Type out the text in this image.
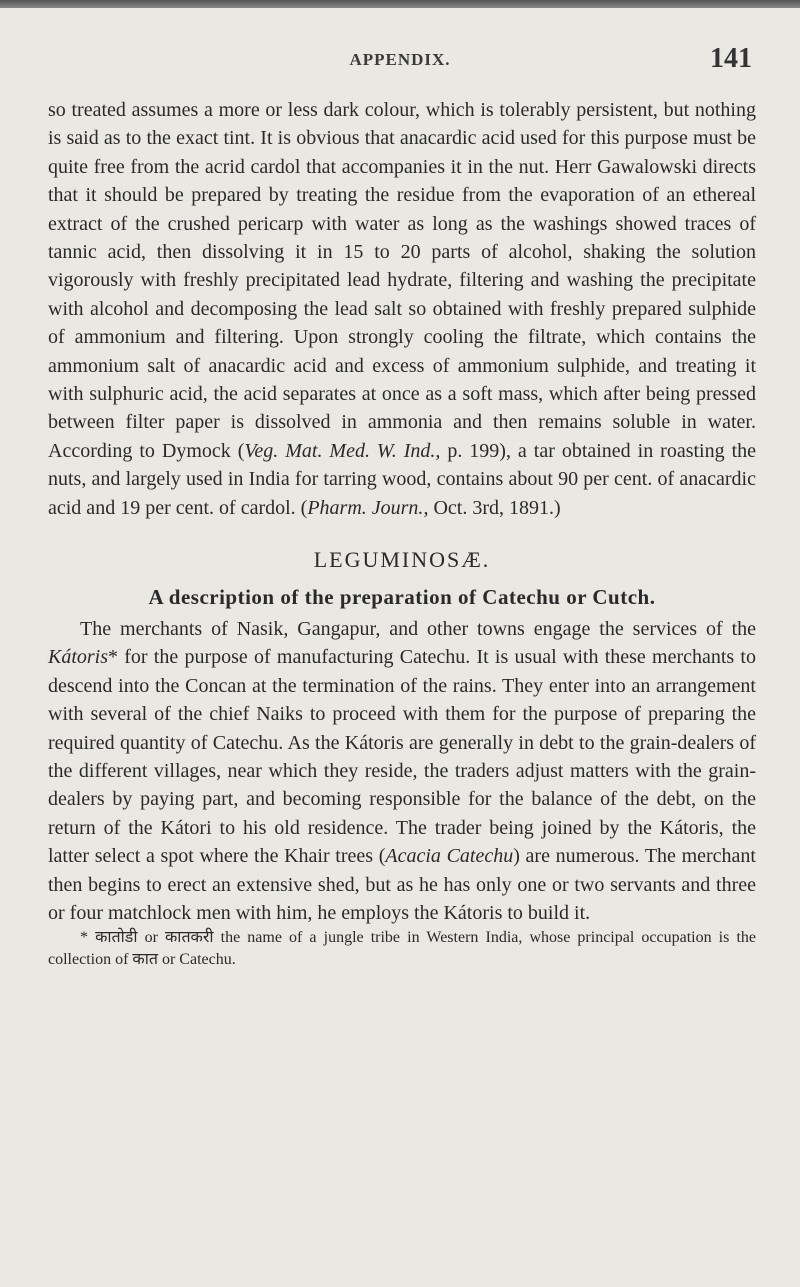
APPENDIX.	141

so treated assumes a more or less dark colour, which is tolerably persistent, but nothing is said as to the exact tint. It is obvious that anacardic acid used for this purpose must be quite free from the acrid cardol that accompanies it in the nut. Herr Gawalowski directs that it should be prepared by treating the residue from the evaporation of an ethereal extract of the crushed pericarp with water as long as the washings showed traces of tannic acid, then dissolving it in 15 to 20 parts of alcohol, shaking the solution vigorously with freshly precipitated lead hydrate, filtering and washing the precipitate with alcohol and decomposing the lead salt so obtained with freshly prepared sulphide of ammonium and filtering. Upon strongly cooling the filtrate, which contains the ammonium salt of anacardic acid and excess of ammonium sulphide, and treating it with sulphuric acid, the acid separates at once as a soft mass, which after being pressed between filter paper is dissolved in ammonia and then remains soluble in water. According to Dymock (Veg. Mat. Med. W. Ind., p. 199), a tar obtained in roasting the nuts, and largely used in India for tarring wood, contains about 90 per cent. of anacardic acid and 19 per cent. of cardol. (Pharm. Journ., Oct. 3rd, 1891.)

LEGUMINOSÆ.
A description of the preparation of Catechu or Cutch.

The merchants of Nasik, Gangapur, and other towns engage the services of the Kátoris* for the purpose of manufacturing Catechu. It is usual with these merchants to descend into the Concan at the termination of the rains. They enter into an arrangement with several of the chief Naiks to proceed with them for the purpose of preparing the required quantity of Catechu. As the Kátoris are generally in debt to the grain-dealers of the different villages, near which they reside, the traders adjust matters with the grain-dealers by paying part, and becoming responsible for the balance of the debt, on the return of the Kátori to his old residence. The trader being joined by the Kátoris, the latter select a spot where the Khair trees (Acacia Catechu) are numerous. The merchant then begins to erect an extensive shed, but as he has only one or two servants and three or four matchlock men with him, he employs the Kátoris to build it.

* कातोडी or कातकरी the name of a jungle tribe in Western India, whose principal occupation is the collection of कात or Catechu.
